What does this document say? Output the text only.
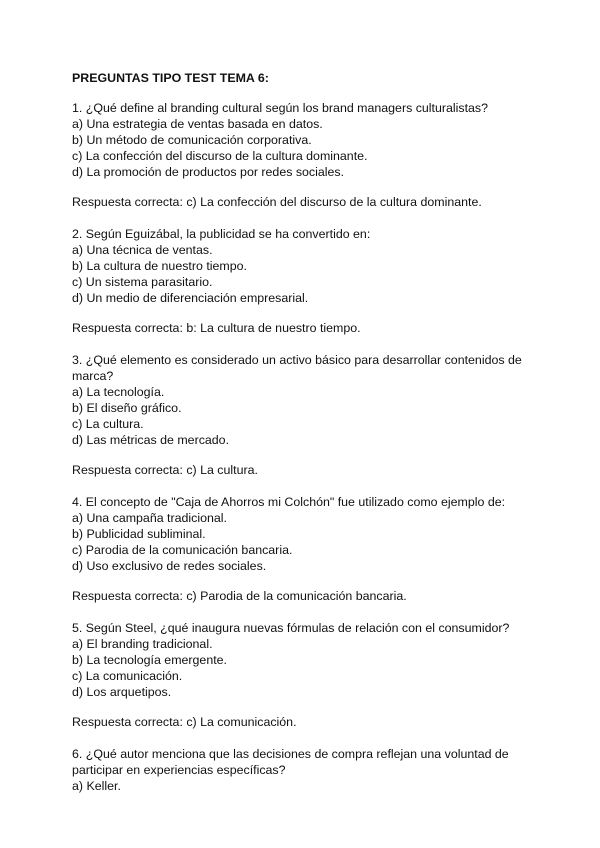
PREGUNTAS TIPO TEST TEMA 6:
1. ¿Qué define al branding cultural según los brand managers culturalistas?
a) Una estrategia de ventas basada en datos.
b) Un método de comunicación corporativa.
c) La confección del discurso de la cultura dominante.
d) La promoción de productos por redes sociales.
Respuesta correcta: c) La confección del discurso de la cultura dominante.
2. Según Eguizábal, la publicidad se ha convertido en:
a) Una técnica de ventas.
b) La cultura de nuestro tiempo.
c) Un sistema parasitario.
d) Un medio de diferenciación empresarial.
Respuesta correcta: b: La cultura de nuestro tiempo.
3. ¿Qué elemento es considerado un activo básico para desarrollar contenidos de
marca?
a) La tecnología.
b) El diseño gráfico.
c) La cultura.
d) Las métricas de mercado.
Respuesta correcta: c) La cultura.
4. El concepto de "Caja de Ahorros mi Colchón" fue utilizado como ejemplo de:
a) Una campaña tradicional.
b) Publicidad subliminal.
c) Parodia de la comunicación bancaria.
d) Uso exclusivo de redes sociales.
Respuesta correcta: c) Parodia de la comunicación bancaria.
5. Según Steel, ¿qué inaugura nuevas fórmulas de relación con el consumidor?
a) El branding tradicional.
b) La tecnología emergente.
c) La comunicación.
d) Los arquetipos.
Respuesta correcta: c) La comunicación.
6. ¿Qué autor menciona que las decisiones de compra reflejan una voluntad de
participar en experiencias específicas?
a) Keller.
